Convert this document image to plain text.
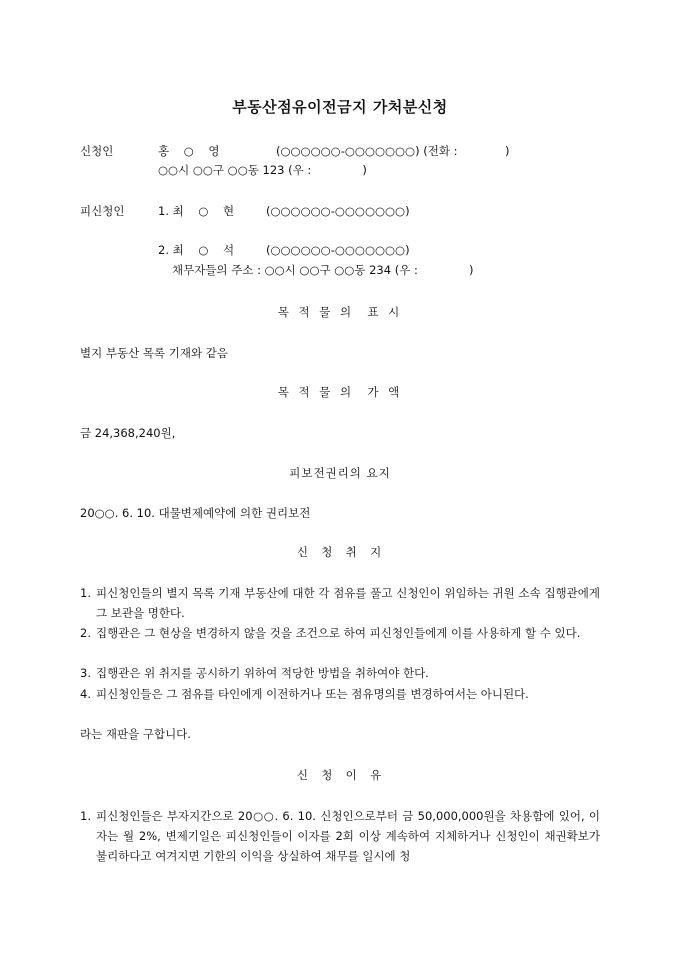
부동산점유이전금지 가처분신청
신청인	홍    ○    영	(○○○○○○-○○○○○○○) (전화 :             )
○○시 ○○구 ○○동 123 (우 :              )
피신청인	1. 최    ○    현	(○○○○○○-○○○○○○○)
2. 최    ○    석	(○○○○○○-○○○○○○○)
채무자들의 주소 : ○○시 ○○구 ○○동 234 (우 :              )
목 적 물 의  표 시
별지 부동산 목록 기재와 같음
목 적 물 의  가 액
금 24,368,240원,
피보전권리의 요지
20○○. 6. 10. 대물변제예약에 의한 권리보전
신  청  취  지
1. 피신청인들의 별지 목록 기재 부동산에 대한 각 점유를 풀고 신청인이 위임하는 귀원 소속 집행관에게 그 보관을 명한다.
2. 집행관은 그 현상을 변경하지 않을 것을 조건으로 하여 피신청인들에게 이를 사용하게 할 수 있다.
3. 집행관은 위 취지를 공시하기 위하여 적당한 방법을 취하여야 한다.
4. 피신청인들은 그 점유를 타인에게 이전하거나 또는 점유명의를 변경하여서는 아니된다.
라는 재판을 구합니다.
신  청  이  유
1. 피신청인들은 부자지간으로 20○○. 6. 10. 신청인으로부터 금 50,000,000원을 차용함에 있어, 이자는 월 2%, 변제기일은 피신청인들이 이자를 2회 이상 계속하여 지체하거나 신청인이 채권확보가 불리하다고 여겨지면 기한의 이익을 상실하여 채무를 일시에 청
